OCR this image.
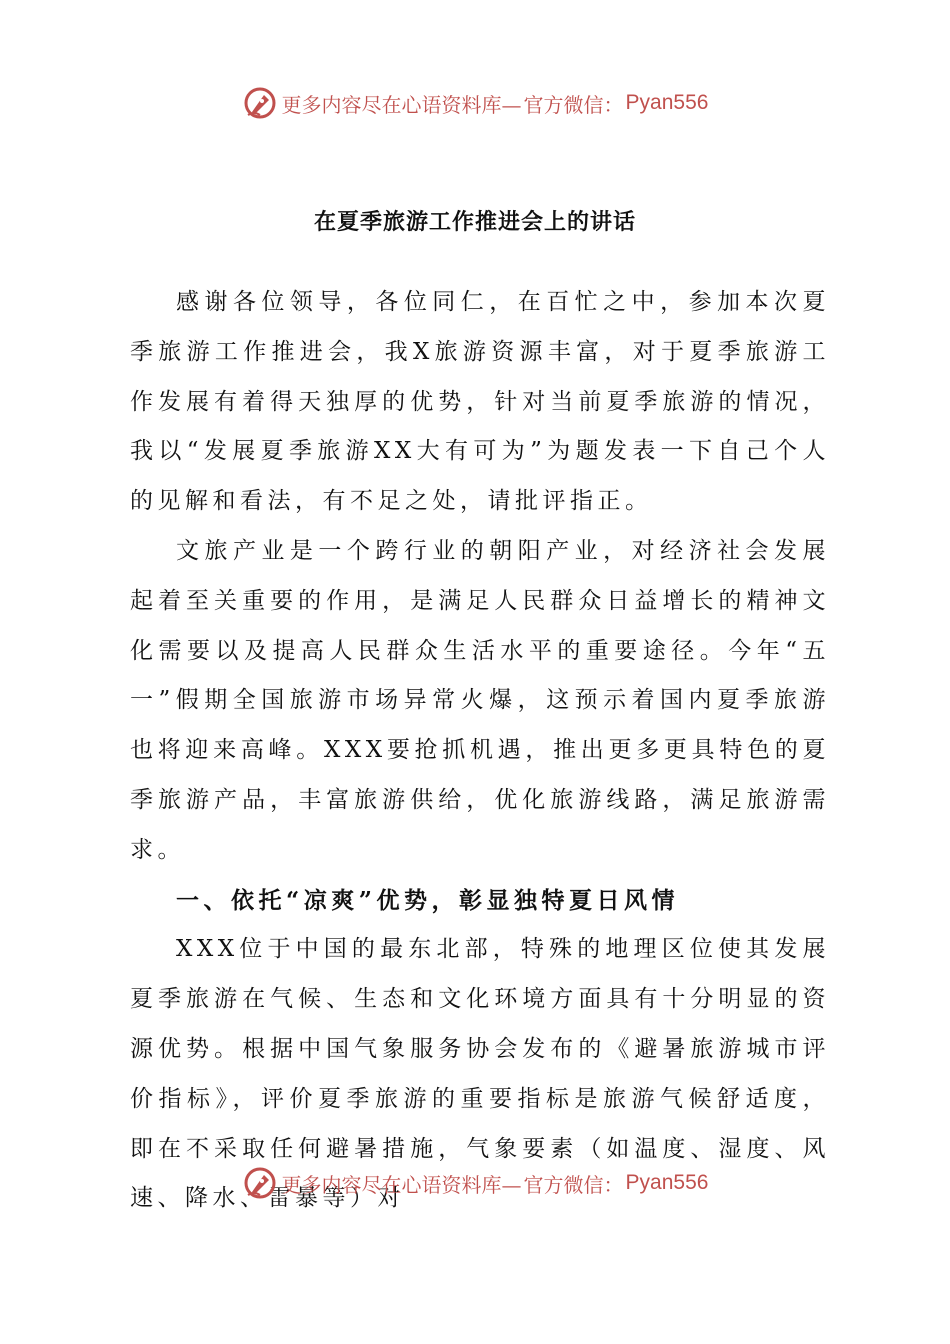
更多内容尽在心语资料库— 官方微信： Pyan556
在夏季旅游工作推进会上的讲话

感谢各位领导，各位同仁，在百忙之中，参加本次夏季旅游工作推进会，我X旅游资源丰富，对于夏季旅游工作发展有着得天独厚的优势，针对当前夏季旅游的情况，我以“发展夏季旅游XX大有可为”为题发表一下自己个人的见解和看法，有不足之处，请批评指正。

文旅产业是一个跨行业的朝阳产业，对经济社会发展起着至关重要的作用，是满足人民群众日益增长的精神文化需要以及提高人民群众生活水平的重要途径。今年“五一”假期全国旅游市场异常火爆，这预示着国内夏季旅游也将迎来高峰。XXX要抢抓机遇，推出更多更具特色的夏季旅游产品，丰富旅游供给，优化旅游线路，满足旅游需求。

一、依托“凉爽”优势，彰显独特夏日风情

XXX位于中国的最东北部，特殊的地理区位使其发展夏季旅游在气候、生态和文化环境方面具有十分明显的资源优势。根据中国气象服务协会发布的《避暑旅游城市评价指标》，评价夏季旅游的重要指标是旅游气候舒适度，即在不采取任何避暑措施，气象要素（如温度、湿度、风速、降水、雷暴等）对

更多内容尽在心语资料库— 官方微信： Pyan556
